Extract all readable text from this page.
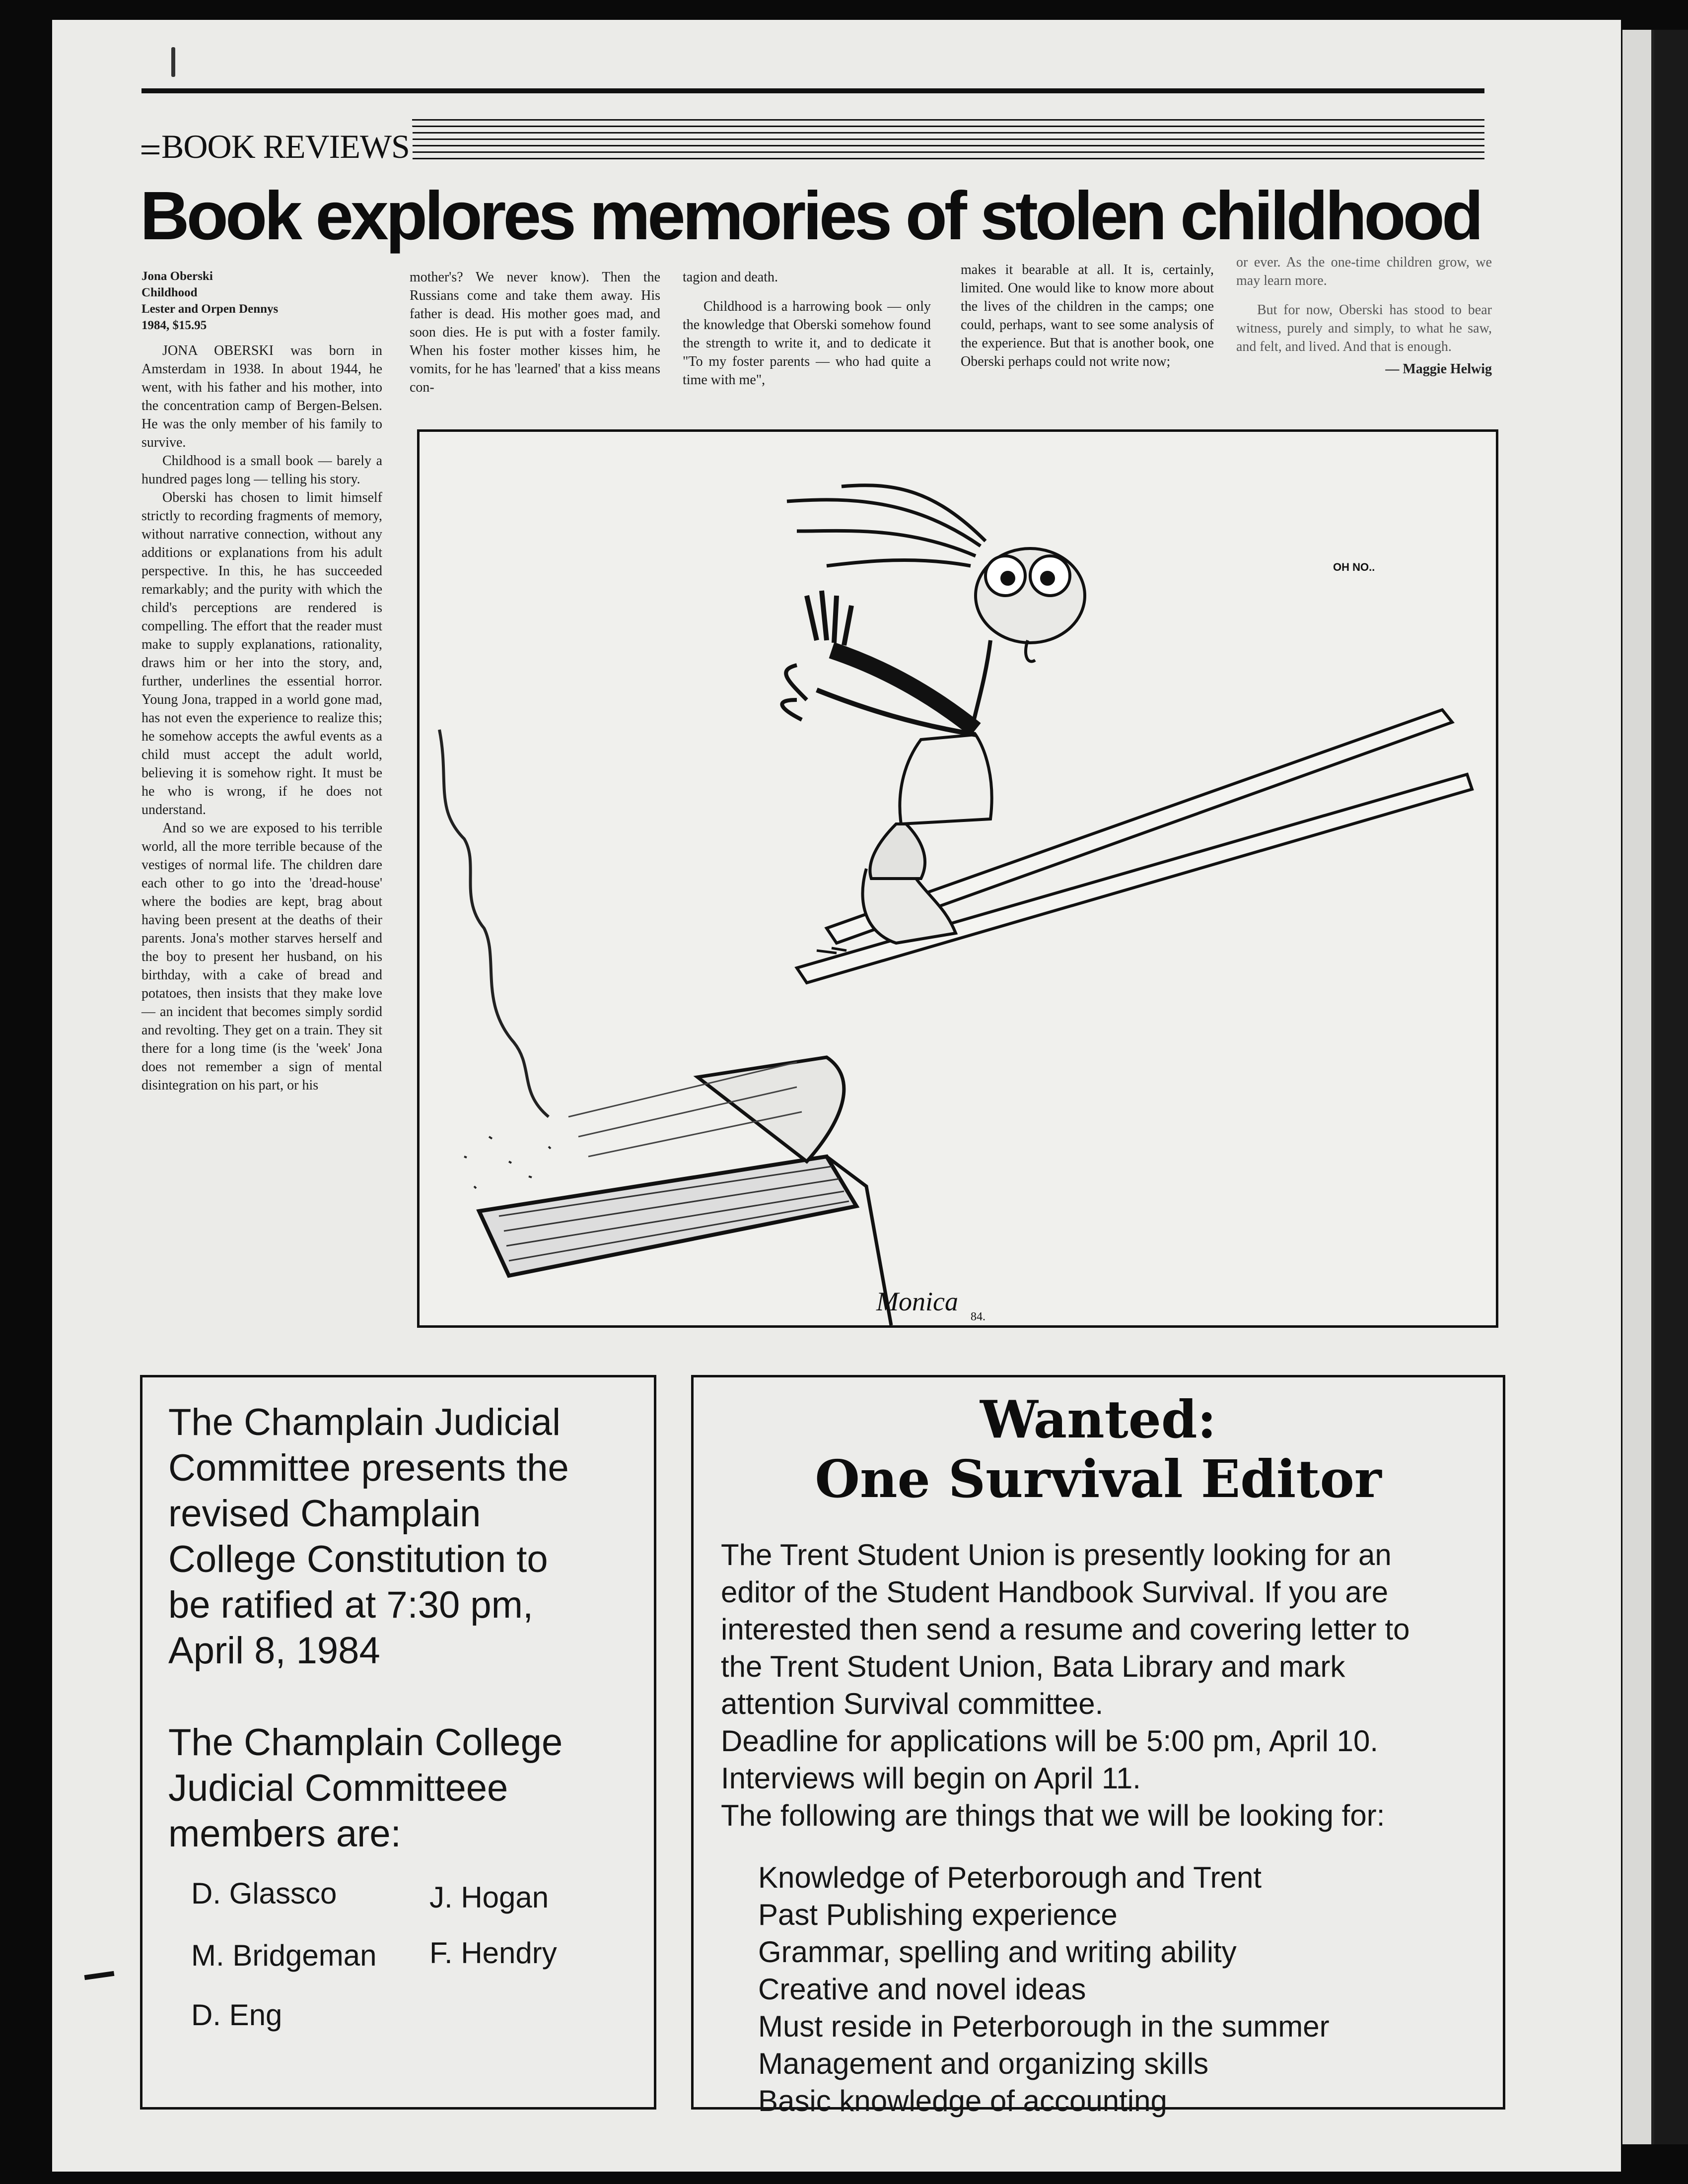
BOOK REVIEWS
Book explores memories of stolen childhood
Jona Oberski
Childhood
Lester and Orpen Dennys
1984, $15.95

JONA OBERSKI was born in Amsterdam in 1938. In about 1944, he went, with his father and his mother, into the concentration camp of Bergen-Belsen. He was the only member of his family to survive.

Childhood is a small book — barely a hundred pages long — telling his story.

Oberski has chosen to limit himself strictly to recording fragments of memory, without narrative connection, without any additions or explanations from his adult perspective. In this, he has succeeded remarkably; and the purity with which the child's perceptions are rendered is compelling. The effort that the reader must make to supply explanations, rationality, draws him or her into the story, and, further, underlines the essential horror. Young Jona, trapped in a world gone mad, has not even the experience to realize this; he somehow accepts the awful events as a child must accept the adult world, believing it is somehow right. It must be he who is wrong, if he does not understand.

And so we are exposed to his terrible world, all the more terrible because of the vestiges of normal life. The children dare each other to go into the 'dread-house' where the bodies are kept, brag about having been present at the deaths of their parents. Jona's mother starves herself and the boy to present her husband, on his birthday, with a cake of bread and potatoes, then insists that they make love — an incident that becomes simply sordid and revolting. They get on a train. They sit there for a long time (is the 'week' Jona does not remember a sign of mental disintegration on his part, or his

mother's? We never know). Then the Russians come and take them away. His father is dead. His mother goes mad, and soon dies. He is put with a foster family. When his foster mother kisses him, he vomits, for he has 'learned' that a kiss means con-

tagion and death.

Childhood is a harrowing book — only the knowledge that Oberski somehow found the strength to write it, and to dedicate it "To my foster parents — who had quite a time with me",

makes it bearable at all. It is, certainly, limited. One would like to know more about the lives of the children in the camps; one could, perhaps, want to see some analysis of the experience. But that is another book, one Oberski perhaps could not write now;

or ever. As the one-time children grow, we may learn more.

But for now, Oberski has stood to bear witness, purely and simply, to what he saw, and felt, and lived. And that is enough.

— Maggie Helwig
OH NO..
Monica
84.
The Champlain Judicial
Committee presents the
revised Champlain
College Constitution to
be ratified at 7:30 pm,
April 8, 1984
The Champlain College
Judicial Committeee
members are:
D. Glassco	J. Hogan
M. Bridgeman F. Hendry
D. Eng
Wanted:
One Survival Editor
The Trent Student Union is presently looking for an
editor of the Student Handbook Survival. If you are
interested then send a resume and covering letter to
the Trent Student Union, Bata Library and mark
attention Survival committee.
Deadline for applications will be 5:00 pm, April 10.
Interviews will begin on April 11.
The following are things that we will be looking for:
Knowledge of Peterborough and Trent
Past Publishing experience
Grammar, spelling and writing ability
Creative and novel ideas
Must reside in Peterborough in the summer
Management and organizing skills
Basic knowledge of accounting
